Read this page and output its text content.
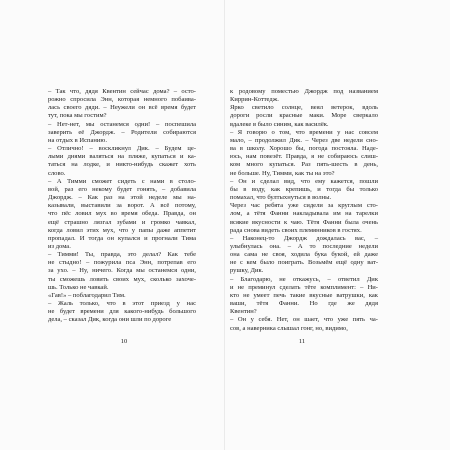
– Так что, дядя Квентин сейчас дома? – осто-
рожно спросила Энн, которая немного побаива-
лась своего дяди. – Неужели он всё время будет
тут, пока мы гостим?
– Нет-нет, мы останемся одни! – поспешила
заверить её Джордж. – Родители собираются
на отдых в Испанию.
– Отлично! – воскликнул Дик. – Будем це-
лыми днями валяться на пляже, купаться и ка-
таться на лодке, и никто-нибудь скажет хоть
слово.
– А Тимми сможет сидеть с нами в столо-
вой, раз его некому будет гонять, – добавила
Джордж. – Как раз на этой неделе мы на-
казывали, выставили за ворот. А всё потому,
что пёс ловил мух во время обеда. Правда, он
ещё страшно лязгал зубами и громко чавкал,
когда ловил этих мух, что у папы даже аппетит
пропадал. И тогда он купался и прогнали Тима
из дома.
– Тимми! Ты, правда, это делал? Как тебе
не стыдно! – пожурила пса Энн, потрепав его
за ухо. – Ну, ничего. Когда мы останемся одни,
ты сможешь ловить своих мух, сколько захоче-
шь. Только не чавкай.
«Гав!» – поблагодарил Тим.
– Жаль только, что в этот приезд у нас
не будет времени для какого-нибудь большого
дела, – сказал Дик, когда они шли по дороге
10
к родовому поместью Джордж под названием
Киррин-Коттедж.
Ярко светило солнце, веял ветерок, вдоль
дороги росли красные маки. Море сверкало
вдалеке в было синим, как василёк.
– Я говорю о том, что времени у нас совсем
мало, – продолжил Дик. – Через две недели сно-
ва в школу. Хорошо бы, погода постояла. Наде-
юсь, нам повезёт. Правда, я не собираюсь слиш-
ком много купаться. Раз пять-шесть в день,
не больше. Ну, Тимми, как ты на это?
– Он и сделал вид, что ему кажется, пошли
бы в воду, как крепишь, и тогда бы только
помахал, что бултыхнуться в волны.
Через час ребята уже сидели за круглым сто-
лом, а тётя Фанни накладывала им на тарелки
всякие вкусности к чаю. Тётя Фанни была очень
рада снова видеть своих племянников в гостях.
– Наконец-то Джордж дождалась вас, –
улыбнулась она. – А то последние недели
она сама не своя, ходила бука букой, ей даже
не с кем было поиграть. Возьмём ещё одну ват-
рушку, Дик.
– Благодарю, не откажусь, – ответил Дик
и не преминул сделать тёте комплимент: – Ни-
кто не умеет печь такие вкусные ватрушки, как
ваши, тётя Фанни. Но где же дядя
Квентин?
– Он у себя. Нет, он шает, что уже пять ча-
сов, а наверника слышал гонг, но, видимо,
11
